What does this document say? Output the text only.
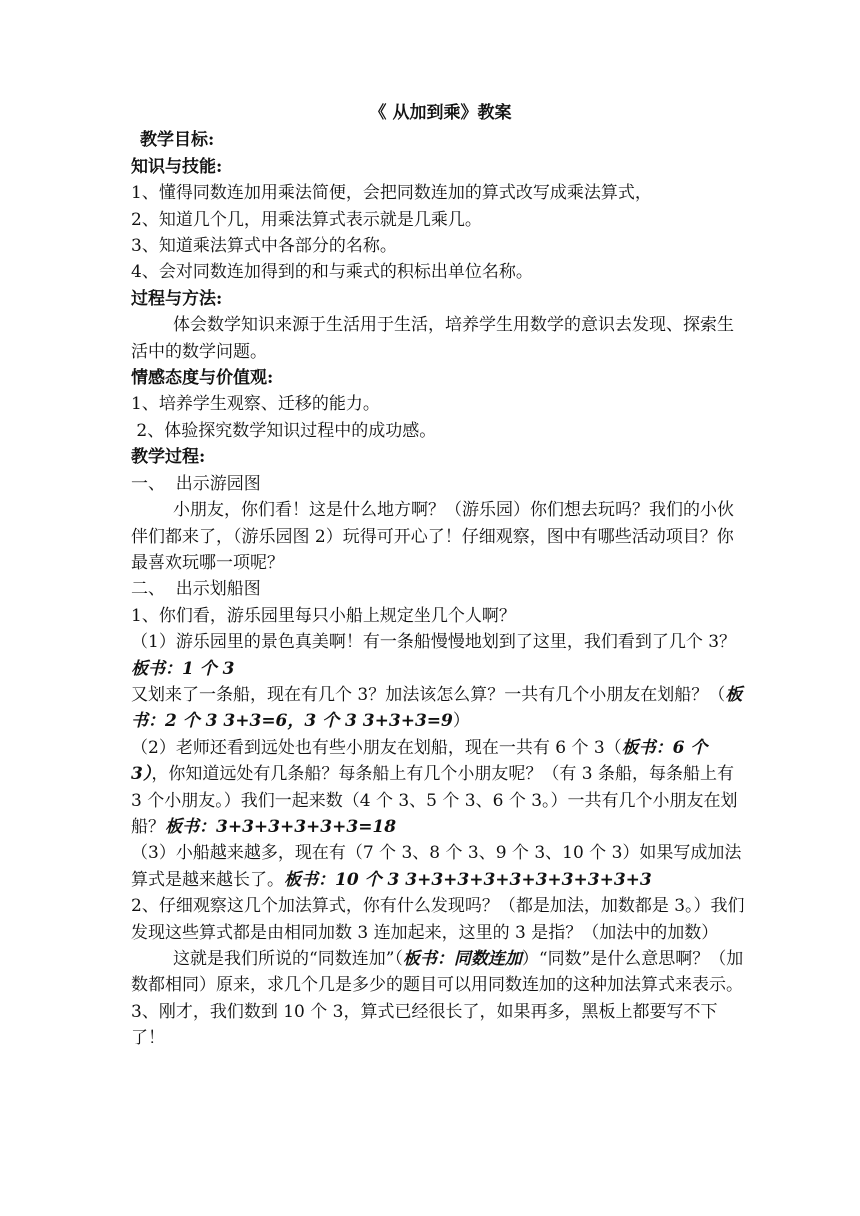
《 从加到乘》教案

教学目标:

知识与技能:

1、懂得同数连加用乘法简便，会把同数连加的算式改写成乘法算式，

2、知道几个几，用乘法算式表示就是几乘几。

3、知道乘法算式中各部分的名称。

4、会对同数连加得到的和与乘式的积标出单位名称。

过程与方法:

体会数学知识来源于生活用于生活，培养学生用数学的意识去发现、探索生活中的数学问题。

情感态度与价值观:

1、培养学生观察、迁移的能力。

2、体验探究数学知识过程中的成功感。

教学过程:

一、  出示游园图

小朋友，你们看！这是什么地方啊？（游乐园）你们想去玩吗？我们的小伙伴们都来了，（游乐园图 2）玩得可开心了！仔细观察，图中有哪些活动项目？你最喜欢玩哪一项呢？

二、  出示划船图

1、你们看，游乐园里每只小船上规定坐几个人啊？

（1）游乐园里的景色真美啊！有一条船慢慢地划到了这里，我们看到了几个 3？板书：1 个 3

又划来了一条船，现在有几个 3？加法该怎么算？一共有几个小朋友在划船？（板书：2 个 3 3+3=6，3 个 3 3+3+3=9）

（2）老师还看到远处也有些小朋友在划船，现在一共有 6 个 3（板书：6 个 3），你知道远处有几条船？每条船上有几个小朋友呢？（有 3 条船，每条船上有 3 个小朋友。）我们一起来数（4 个 3、5 个 3、6 个 3。）一共有几个小朋友在划船？板书：3+3+3+3+3+3=18

（3）小船越来越多，现在有（7 个 3、8 个 3、9 个 3、10 个 3）如果写成加法算式是越来越长了。板书：10 个 3 3+3+3+3+3+3+3+3+3+3

2、仔细观察这几个加法算式，你有什么发现吗？（都是加法，加数都是 3。）我们发现这些算式都是由相同加数 3 连加起来，这里的 3 是指？（加法中的加数）

这就是我们所说的“同数连加”（板书：同数连加）“同数”是什么意思啊？（加数都相同）原来，求几个几是多少的题目可以用同数连加的这种加法算式来表示。

3、刚才，我们数到 10 个 3，算式已经很长了，如果再多，黑板上都要写不下了！
